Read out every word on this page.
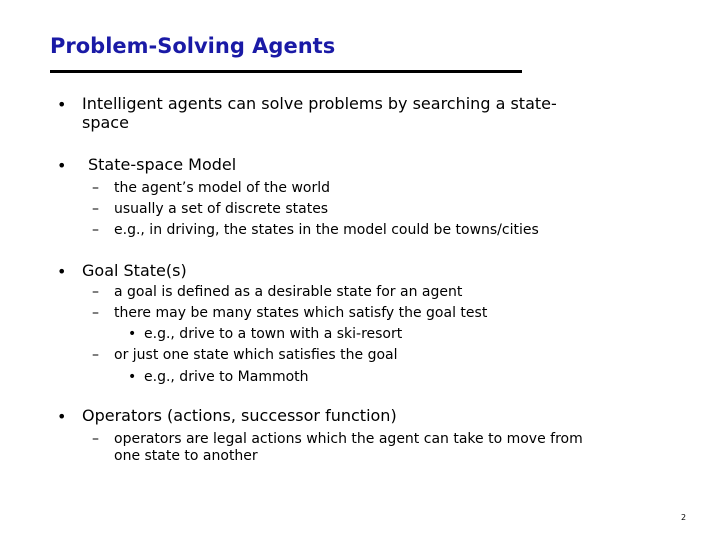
Problem-Solving Agents
• Intelligent agents can solve problems by searching a state-
space
• State-space Model
– the agent’s model of the world
– usually a set of discrete states
– e.g., in driving, the states in the model could be towns/cities
• Goal State(s)
– a goal is defined as a desirable state for an agent
– there may be many states which satisfy the goal test
• e.g., drive to a town with a ski-resort
– or just one state which satisfies the goal
• e.g., drive to Mammoth
• Operators (actions, successor function)
– operators are legal actions which the agent can take to move from
one state to another
2
